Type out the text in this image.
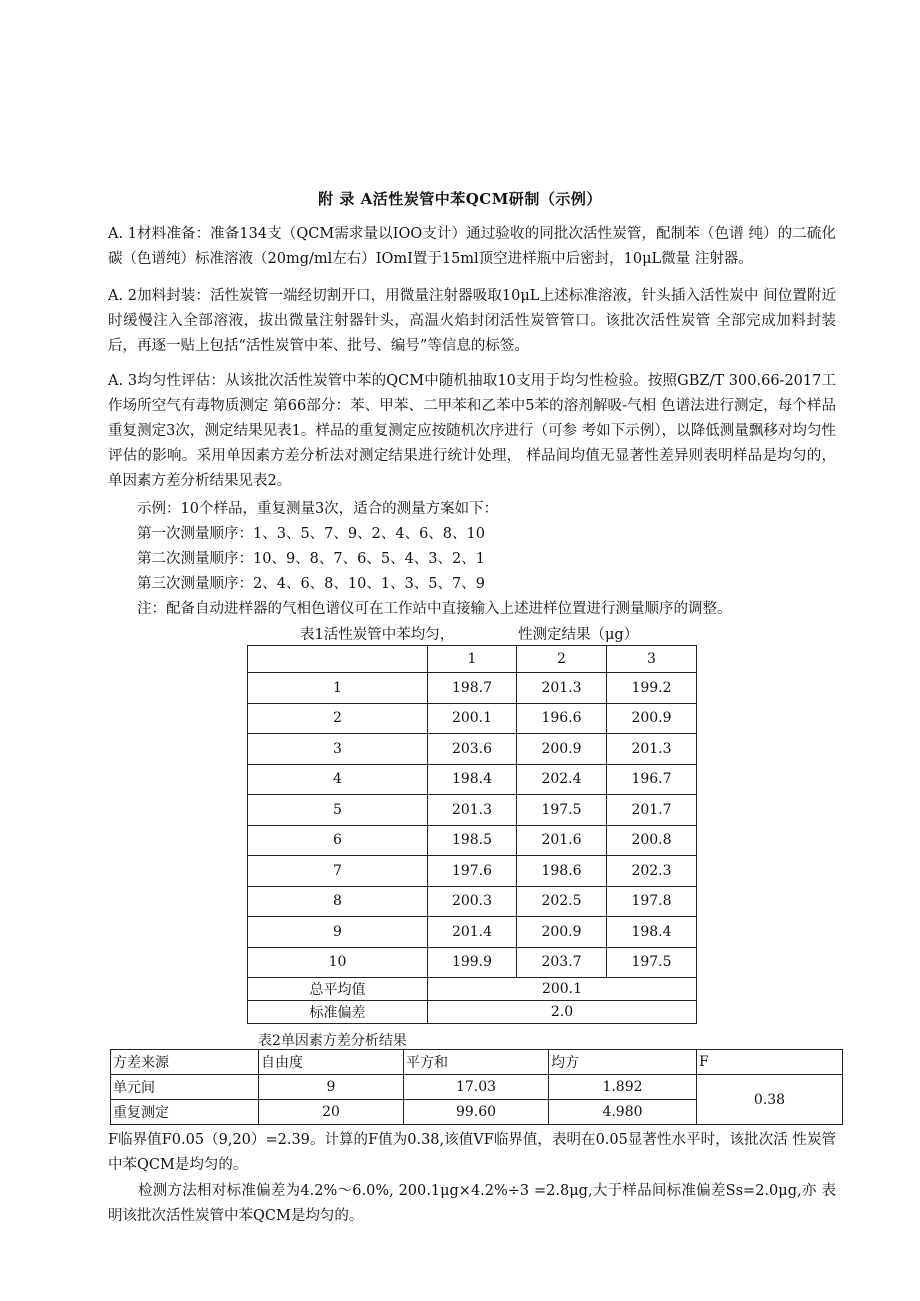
附 录 A活性炭管中苯QCM研制（示例）

A. 1材料准备：准备134支（QCM需求量以IOO支计）通过验收的同批次活性炭管，配制苯（色谱 纯）的二硫化碳（色谱纯）标准溶液（20mg/ml左右）IOmI置于15ml顶空进样瓶中后密封，10μL微量 注射器。

A. 2加料封装：活性炭管一端经切割开口，用微量注射器吸取10μL上述标准溶液，针头插入活性炭中 间位置附近时缓慢注入全部溶液，拔出微量注射器针头，高温火焰封闭活性炭管管口。该批次活性炭管 全部完成加料封装后，再逐一贴上包括“活性炭管中苯、批号、编号”等信息的标签。

A. 3均匀性评估：从该批次活性炭管中苯的QCM中随机抽取10支用于均匀性检验。按照GBZ/T 300.66-2017工作场所空气有毒物质测定 第66部分：苯、甲苯、二甲苯和乙苯中5苯的溶剂解吸-气相 色谱法进行测定，每个样品重复测定3次，测定结果见表1。样品的重复测定应按随机次序进行（可参 考如下示例），以降低测量飘移对均匀性评估的影响。采用单因素方差分析法对测定结果进行统计处理， 样品间均值无显著性差异则表明样品是均匀的，单因素方差分析结果见表2。

示例：10个样品，重复测量3次，适合的测量方案如下：
第一次测量顺序：1、3、5、7、9、2、4、6、8、10
第二次测量顺序：10、9、8、7、6、5、4、3、2、1
第三次测量顺序：2、4、6、8、10、1、3、5、7、9
注：配备自动进样器的气相色谱仪可在工作站中直接输入上述进样位置进行测量顺序的调整。
表1活性炭管中苯均匀，	性测定结果（μg）
	1	2	3
1	198.7	201.3	199.2
2	200.1	196.6	200.9
3	203.6	200.9	201.3
4	198.4	202.4	196.7
5	201.3	197.5	201.7
6	198.5	201.6	200.8
7	197.6	198.6	202.3
8	200.3	202.5	197.8
9	201.4	200.9	198.4
10	199.9	203.7	197.5
总平均值	200.1		
标准偏差	2.0		
表2单因素方差分析结果
方差来源	自由度	平方和	均方	F
单元间	9	17.03	1.892	0.38
重复测定	20	99.60	4.980	

F临界值F0.05（9,20）=2.39。计算的F值为0.38,该值VF临界值，表明在0.05显著性水平时，该批次活 性炭管中苯QCM是均匀的。

检测方法相对标准偏差为4.2%～6.0%, 200.1μg×4.2%÷3 =2.8μg,大于样品间标准偏差Ss=2.0μg,亦 表明该批次活性炭管中苯QCM是均匀的。
